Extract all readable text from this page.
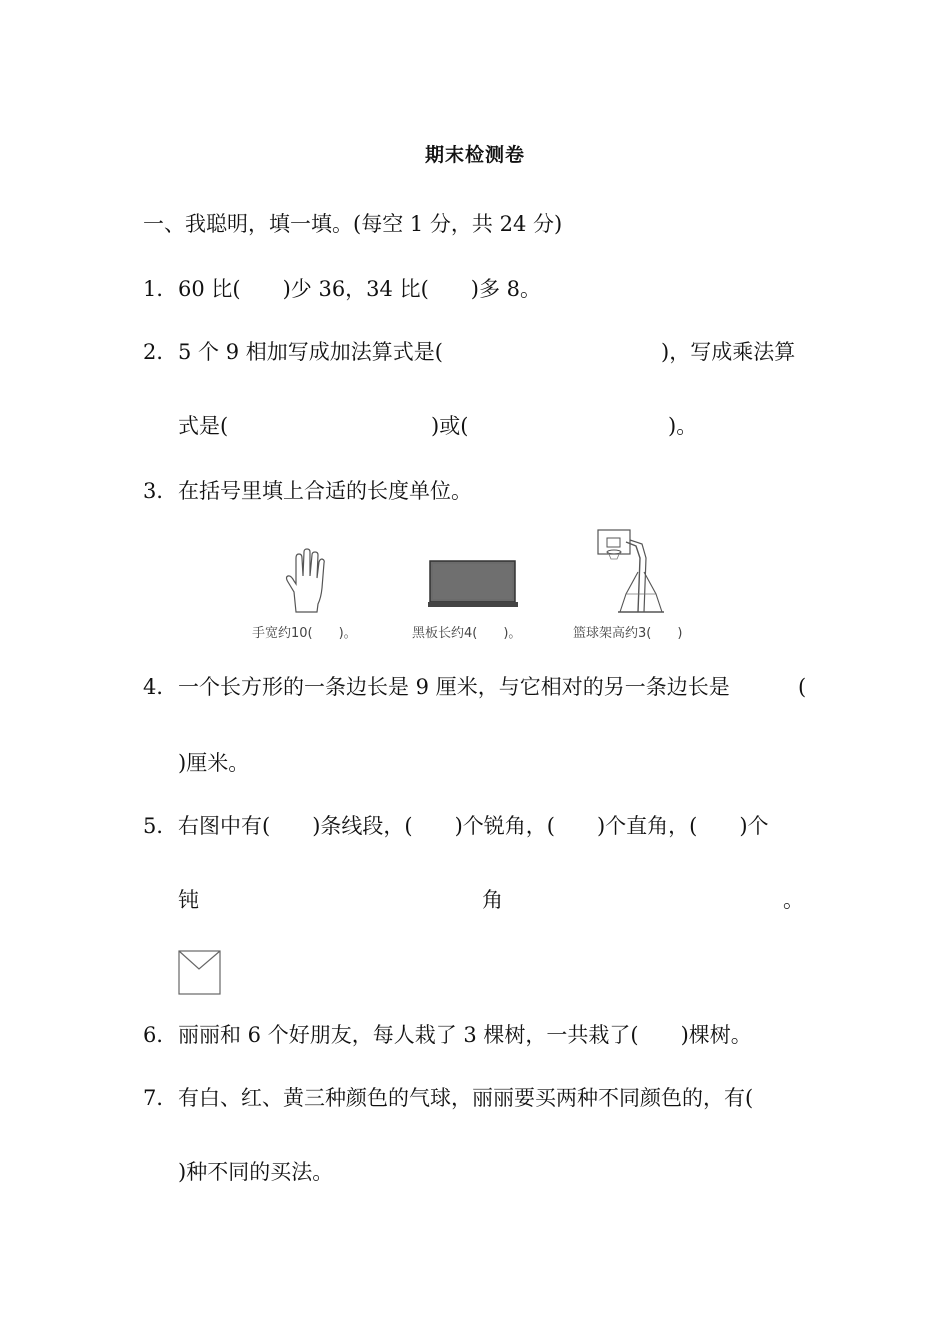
期末检测卷
一、我聪明，填一填。(每空 1 分，共 24 分)
1． 60 比(　　)少 36，34 比(　　)多 8。
2． 5 个 9 相加写成加法算式是(	)，写成乘法算
式是(	)或(	)。
3． 在括号里填上合适的长度单位。
手宽约10(　　)。	黑板长约4(　　)。	篮球架高约3(　　)
4． 一个长方形的一条边长是 9 厘米，与它相对的另一条边长是	(
)厘米。
5． 右图中有(　　)条线段，(　　)个锐角，(　　)个直角，(　　)个
钝	角	。
6． 丽丽和 6 个好朋友，每人栽了 3 棵树，一共栽了(　　)棵树。
7． 有白、红、黄三种颜色的气球，丽丽要买两种不同颜色的，有(
)种不同的买法。
